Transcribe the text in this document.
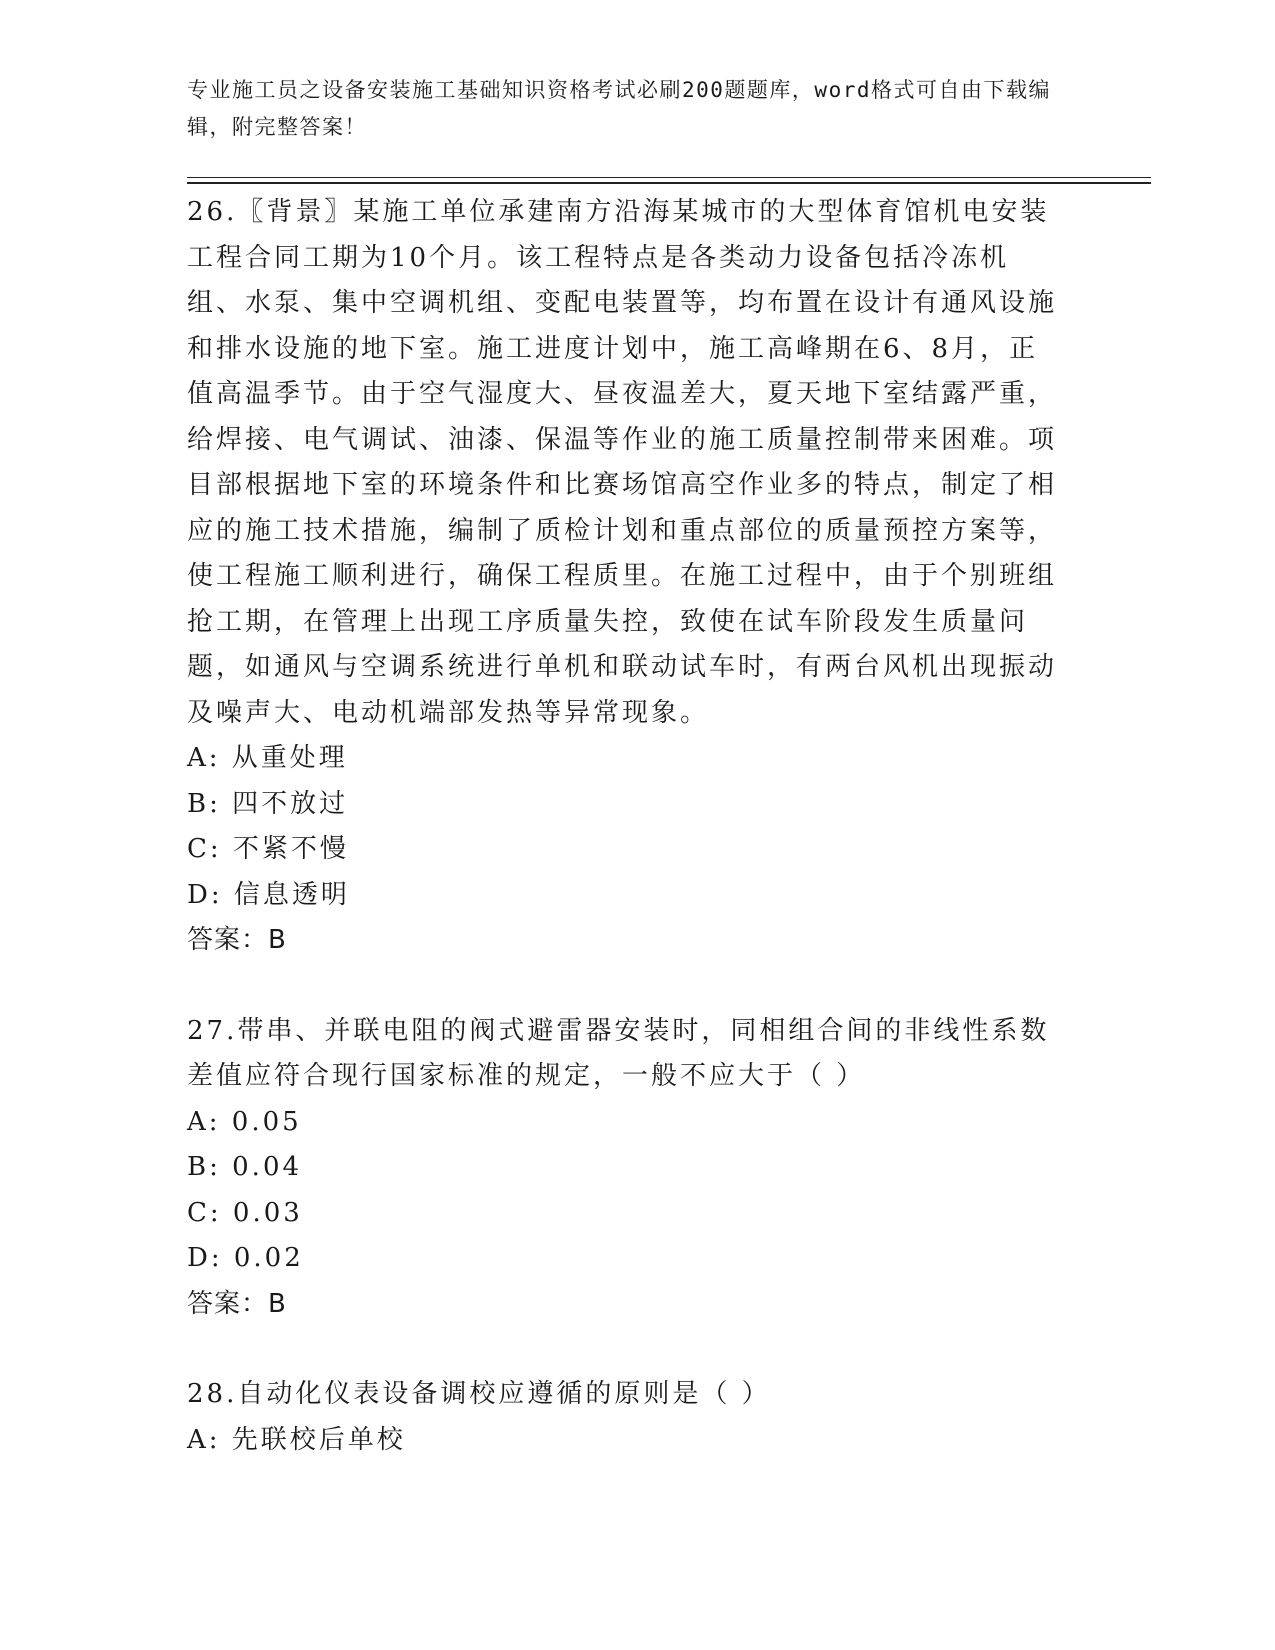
专业施工员之设备安装施工基础知识资格考试必刷200题题库，word格式可自由下载编辑，附完整答案！

26.〖背景〗某施工单位承建南方沿海某城市的大型体育馆机电安装工程合同工期为10个月。该工程特点是各类动力设备包括冷冻机组、水泵、集中空调机组、变配电装置等，均布置在设计有通风设施和排水设施的地下室。施工进度计划中，施工高峰期在6、8月，正值高温季节。由于空气湿度大、昼夜温差大，夏天地下室结露严重，给焊接、电气调试、油漆、保温等作业的施工质量控制带来困难。项目部根据地下室的环境条件和比赛场馆高空作业多的特点，制定了相应的施工技术措施，编制了质检计划和重点部位的质量预控方案等，使工程施工顺利进行，确保工程质里。在施工过程中，由于个别班组抢工期，在管理上出现工序质量失控，致使在试车阶段发生质量问题，如通风与空调系统进行单机和联动试车时，有两台风机出现振动及噪声大、电动机端部发热等异常现象。

A: 从重处理

B: 四不放过

C: 不紧不慢

D: 信息透明

答案：B

27.带串、并联电阻的阀式避雷器安装时，同相组合间的非线性系数差值应符合现行国家标准的规定，一般不应大于（ ）

A: 0.05

B: 0.04

C: 0.03

D: 0.02

答案：B

28.自动化仪表设备调校应遵循的原则是（ ）

A: 先联校后单校
